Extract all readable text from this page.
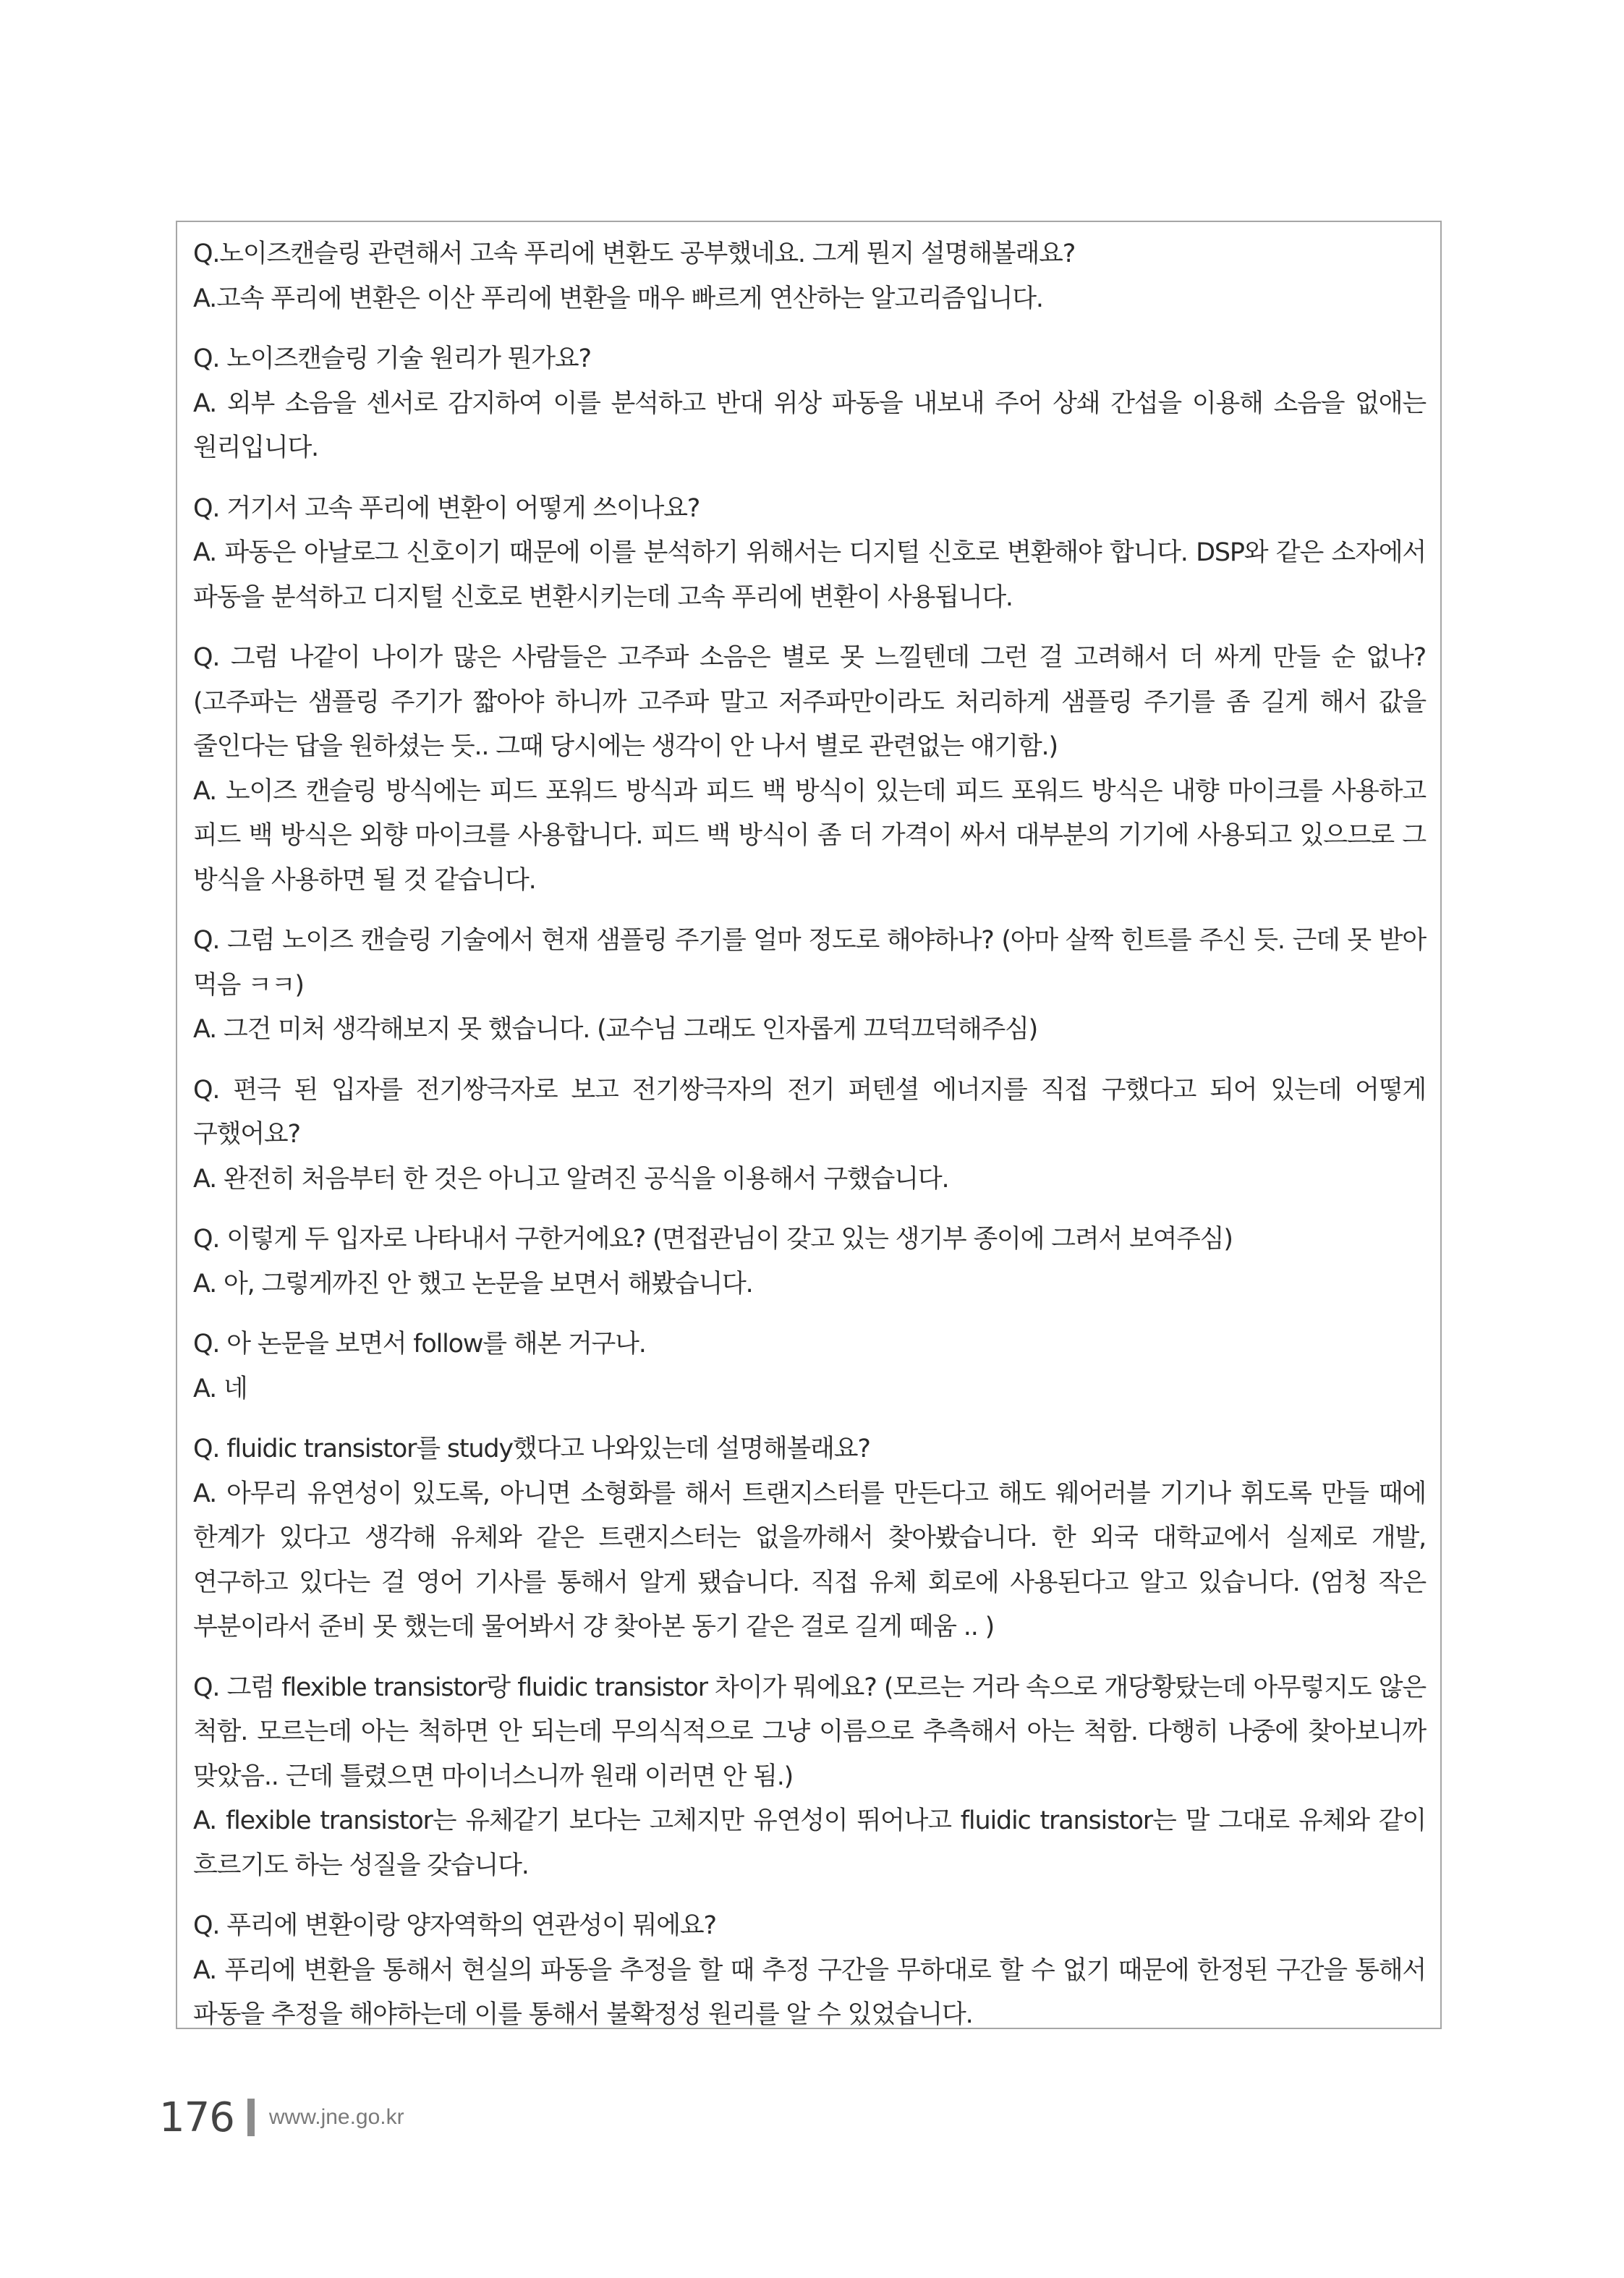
Q.노이즈캔슬링 관련해서 고속 푸리에 변환도 공부했네요. 그게 뭔지 설명해볼래요?

A.고속 푸리에 변환은 이산 푸리에 변환을 매우 빠르게 연산하는 알고리즘입니다.

Q. 노이즈캔슬링 기술 원리가 뭔가요?

A. 외부 소음을 센서로 감지하여 이를 분석하고 반대 위상 파동을 내보내 주어 상쇄 간섭을 이용해 소음을 없애는 원리입니다.

Q. 거기서 고속 푸리에 변환이 어떻게 쓰이나요?

A. 파동은 아날로그 신호이기 때문에 이를 분석하기 위해서는 디지털 신호로 변환해야 합니다. DSP와 같은 소자에서 파동을 분석하고 디지털 신호로 변환시키는데 고속 푸리에 변환이 사용됩니다.

Q. 그럼 나같이 나이가 많은 사람들은 고주파 소음은 별로 못 느낄텐데 그런 걸 고려해서 더 싸게 만들 순 없나? (고주파는 샘플링 주기가 짧아야 하니까 고주파 말고 저주파만이라도 처리하게 샘플링 주기를 좀 길게 해서 값을 줄인다는 답을 원하셨는 듯.. 그때 당시에는 생각이 안 나서 별로 관련없는 얘기함.)

A. 노이즈 캔슬링 방식에는 피드 포워드 방식과 피드 백 방식이 있는데 피드 포워드 방식은 내향 마이크를 사용하고 피드 백 방식은 외향 마이크를 사용합니다. 피드 백 방식이 좀 더 가격이 싸서 대부분의 기기에 사용되고 있으므로 그 방식을 사용하면 될 것 같습니다.

Q. 그럼 노이즈 캔슬링 기술에서 현재 샘플링 주기를 얼마 정도로 해야하나? (아마 살짝 힌트를 주신 듯. 근데 못 받아 먹음 ㅋㅋ)

A. 그건 미처 생각해보지 못 했습니다. (교수님 그래도 인자롭게 끄덕끄덕해주심)

Q. 편극 된 입자를 전기쌍극자로 보고 전기쌍극자의 전기 퍼텐셜 에너지를 직접 구했다고 되어 있는데 어떻게 구했어요?

A. 완전히 처음부터 한 것은 아니고 알려진 공식을 이용해서 구했습니다.

Q. 이렇게 두 입자로 나타내서 구한거에요? (면접관님이 갖고 있는 생기부 종이에 그려서 보여주심)

A. 아, 그렇게까진 안 했고 논문을 보면서 해봤습니다.

Q. 아 논문을 보면서 follow를 해본 거구나.

A. 네

Q. fluidic transistor를 study했다고 나와있는데 설명해볼래요?

A. 아무리 유연성이 있도록, 아니면 소형화를 해서 트랜지스터를 만든다고 해도 웨어러블 기기나 휘도록 만들 때에 한계가 있다고 생각해 유체와 같은 트랜지스터는 없을까해서 찾아봤습니다. 한 외국 대학교에서 실제로 개발, 연구하고 있다는 걸 영어 기사를 통해서 알게 됐습니다. 직접 유체 회로에 사용된다고 알고 있습니다. (엄청 작은 부분이라서 준비 못 했는데 물어봐서 걍 찾아본 동기 같은 걸로 길게 떼움 .. )

Q. 그럼 flexible transistor랑 fluidic transistor 차이가 뭐에요? (모르는 거라 속으로 개당황탔는데 아무렇지도 않은 척함. 모르는데 아는 척하면 안 되는데 무의식적으로 그냥 이름으로 추측해서 아는 척함. 다행히 나중에 찾아보니까 맞았음.. 근데 틀렸으면 마이너스니까 원래 이러면 안 됨.)

A. flexible transistor는 유체같기 보다는 고체지만 유연성이 뛰어나고 fluidic transistor는 말 그대로 유체와 같이 흐르기도 하는 성질을 갖습니다.

Q. 푸리에 변환이랑 양자역학의 연관성이 뭐에요?

A. 푸리에 변환을 통해서 현실의 파동을 추정을 할 때 추정 구간을 무하대로 할 수 없기 때문에 한정된 구간을 통해서 파동을 추정을 해야하는데 이를 통해서 불확정성 원리를 알 수 있었습니다.

176 www.jne.go.kr
